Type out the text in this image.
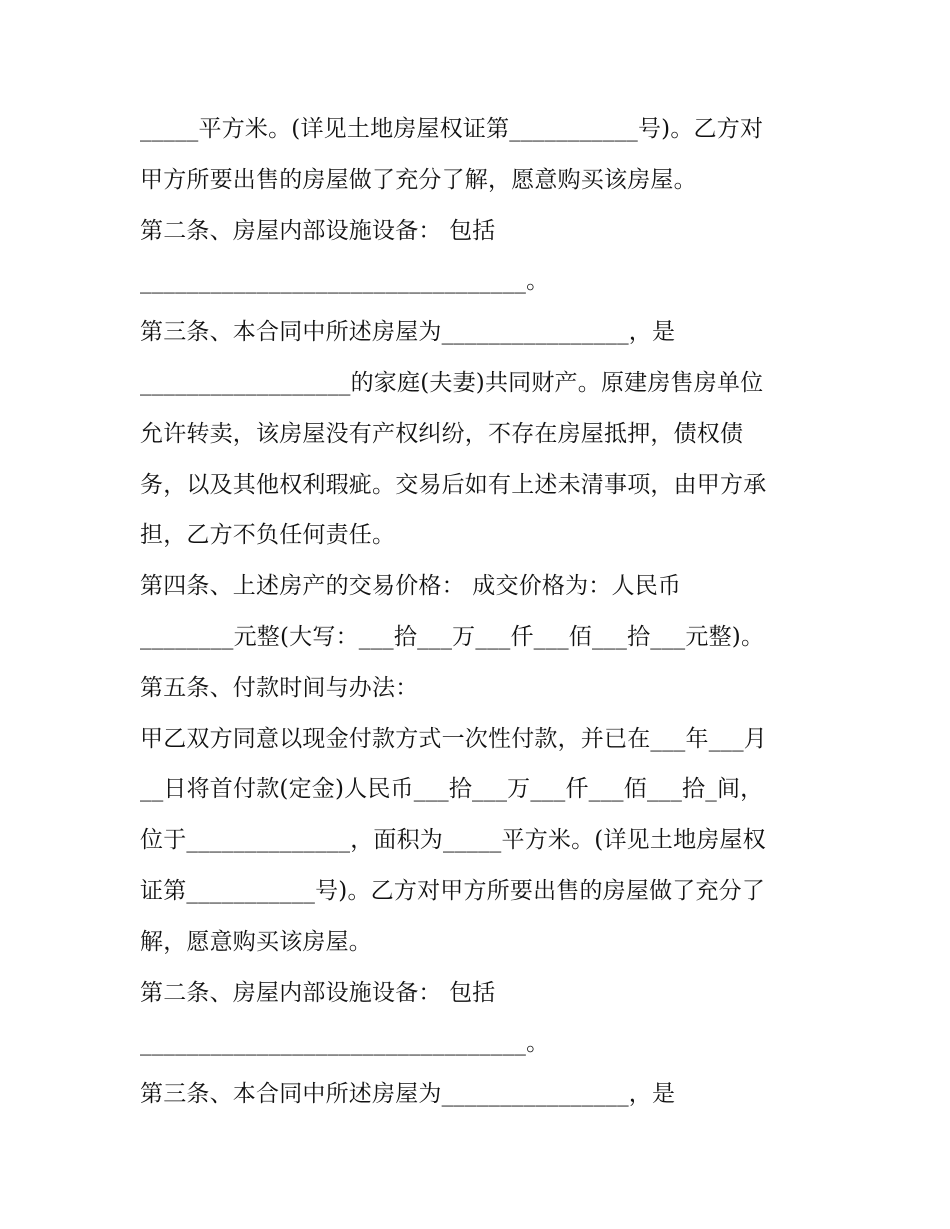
_____平方米。(详见土地房屋权证第___________号)。乙方对
甲方所要出售的房屋做了充分了解，愿意购买该房屋。
第二条、房屋内部设施设备： 包括
_________________________________。
第三条、本合同中所述房屋为________________，是
__________________的家庭(夫妻)共同财产。原建房售房单位
允许转卖，该房屋没有产权纠纷，不存在房屋抵押，债权债
务，以及其他权利瑕疵。交易后如有上述未清事项，由甲方承
担，乙方不负任何责任。
第四条、上述房产的交易价格： 成交价格为：人民币
________元整(大写：___拾___万___仟___佰___拾___元整)。
第五条、付款时间与办法：
甲乙双方同意以现金付款方式一次性付款，并已在___年___月
__日将首付款(定金)人民币___拾___万___仟___佰___拾_间，
位于______________，面积为_____平方米。(详见土地房屋权
证第___________号)。乙方对甲方所要出售的房屋做了充分了
解，愿意购买该房屋。
第二条、房屋内部设施设备： 包括
_________________________________。
第三条、本合同中所述房屋为________________，是
